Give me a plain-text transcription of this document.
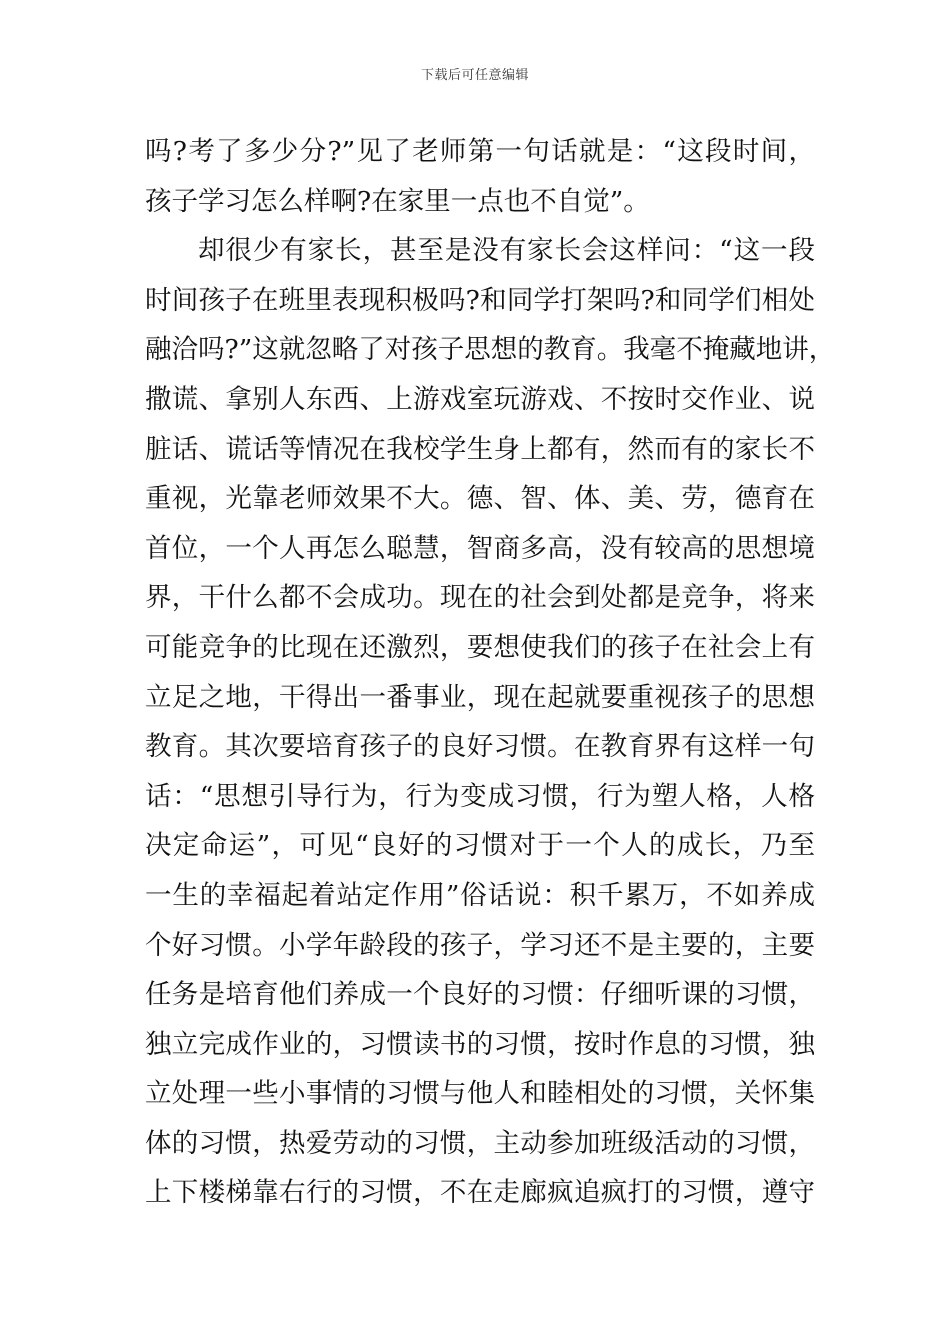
下载后可任意编辑
吗?考了多少分?”见了老师第一句话就是：“这段时间，
孩子学习怎么样啊?在家里一点也不自觉”。
却很少有家长，甚至是没有家长会这样问：“这一段
时间孩子在班里表现积极吗?和同学打架吗?和同学们相处
融洽吗?”这就忽略了对孩子思想的教育。我毫不掩藏地讲，
撒谎、拿别人东西、上游戏室玩游戏、不按时交作业、说
脏话、谎话等情况在我校学生身上都有，然而有的家长不
重视，光靠老师效果不大。德、智、体、美、劳，德育在
首位，一个人再怎么聪慧，智商多高，没有较高的思想境
界，干什么都不会成功。现在的社会到处都是竞争，将来
可能竞争的比现在还激烈，要想使我们的孩子在社会上有
立足之地，干得出一番事业，现在起就要重视孩子的思想
教育。其次要培育孩子的良好习惯。在教育界有这样一句
话：“思想引导行为，行为变成习惯，行为塑人格，人格
决定命运”，可见“良好的习惯对于一个人的成长，乃至
一生的幸福起着站定作用”俗话说：积千累万，不如养成
个好习惯。小学年龄段的孩子，学习还不是主要的，主要
任务是培育他们养成一个良好的习惯：仔细听课的习惯，
独立完成作业的，习惯读书的习惯，按时作息的习惯，独
立处理一些小事情的习惯与他人和睦相处的习惯，关怀集
体的习惯，热爱劳动的习惯，主动参加班级活动的习惯，
上下楼梯靠右行的习惯，不在走廊疯追疯打的习惯，遵守
